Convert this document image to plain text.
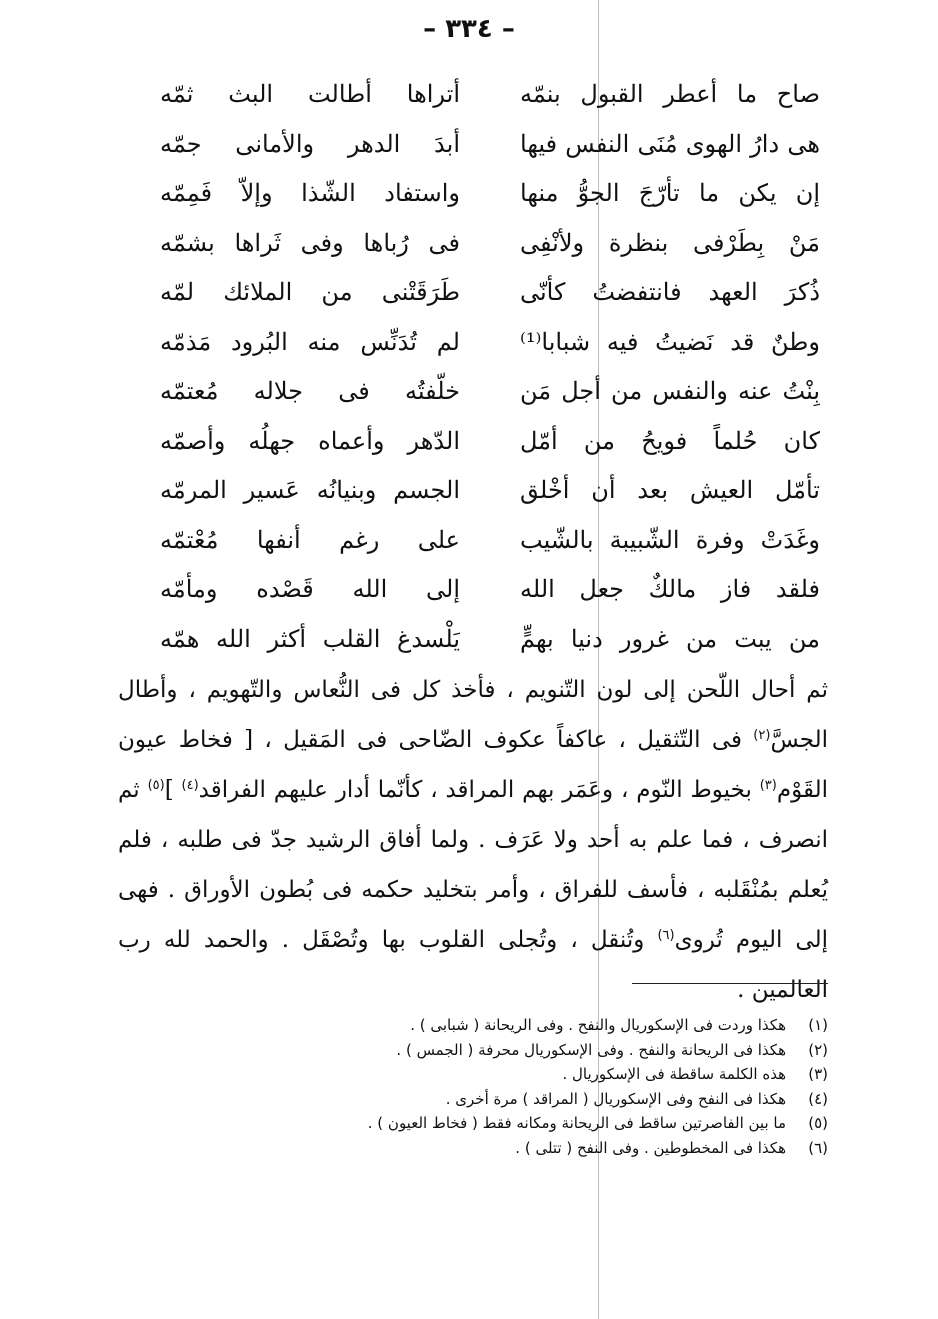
– ٣٣٤ –
صاح ما أعطر القبول بنمّه
أتراها أطالت البث ثمّه
هى دارُ الهوى مُنَى النفس فيها
أبدَ الدهر والأمانى جمّه
إن يكن ما تأرّجَ الجوُّ منها
واستفاد الشّذا وإلاّ فَمِمّه
مَنْ بِطَرْفى بنظرة ولأنْفِى
فى رُباها وفى ثَراها بشمّه
ذُكرَ العهد فانتفضتُ كأنّى
طَرَقَتْنى من الملائك لمّه
وطنٌ قد نَضيتُ فيه شبابا⁽¹⁾
لم تُدَنِّس منه البُرود مَذمّه
بِنْتُ عنه والنفس من أجل مَن
خلّفتُه فى جلاله مُعتمّه
كان حُلماً فويحُ من أمّل
الدّهر وأعماه جهلُه وأصمّه
تأمّل العيش بعد أن أخْلق
الجسم وبنيانُه عَسير المرمّه
وغَدَتْ وفرة الشّبيبة بالشّيب
على رغم أنفها مُعْتمّه
فلقد فاز مالكٌ جعل الله
إلى الله قَصْده ومأمّه
من يبت من غرور دنيا بهمٍّ
يَلْسدغ القلب أكثر الله همّه
ثم أحال اللّحن إلى لون التّنويم ، فأخذ كل فى النُّعاس والتّهويم ، وأطال الجسَّ$^{(٢)}$ فى التّثقيل ، عاكفاً عكوف الضّاحى فى المَقيل ، [ فخاط عيون القَوْم$^{(٣)}$ بخيوط النّوم ، وعَمَر بهم المراقد ، كأنّما أدار عليهم الفراقد$^{(٤)}$ ]$^{(٥)}$ ثم انصرف ، فما علم به أحد ولا عَرَف . ولما أفاق الرشيد جدّ فى طلبه ، فلم يُعلم بمُنْقَلبه ، فأسف للفراق ، وأمر بتخليد حكمه فى بُطون الأوراق . فهى إلى اليوم تُروى$^{(٦)}$ وتُنقل ، وتُجلى القلوب بها وتُصْقَل . والحمد لله رب العالمين .
(١)
هكذا وردت فى الإسكوريال والنفح . وفى الريحانة ( شبابى ) .
(٢)
هكذا فى الريحانة والنفح . وفى الإسكوريال محرفة ( الجمس ) .
(٣)
هذه الكلمة ساقطة فى الإسكوريال .
(٤)
هكذا فى النفح وفى الإسكوريال ( المراقد ) مرة أخرى .
(٥)
ما بين الفاصرتين ساقط فى الريحانة ومكانه فقط ( فخاط العيون ) .
(٦)
هكذا فى المخطوطين . وفى النفح ( تتلى ) .
